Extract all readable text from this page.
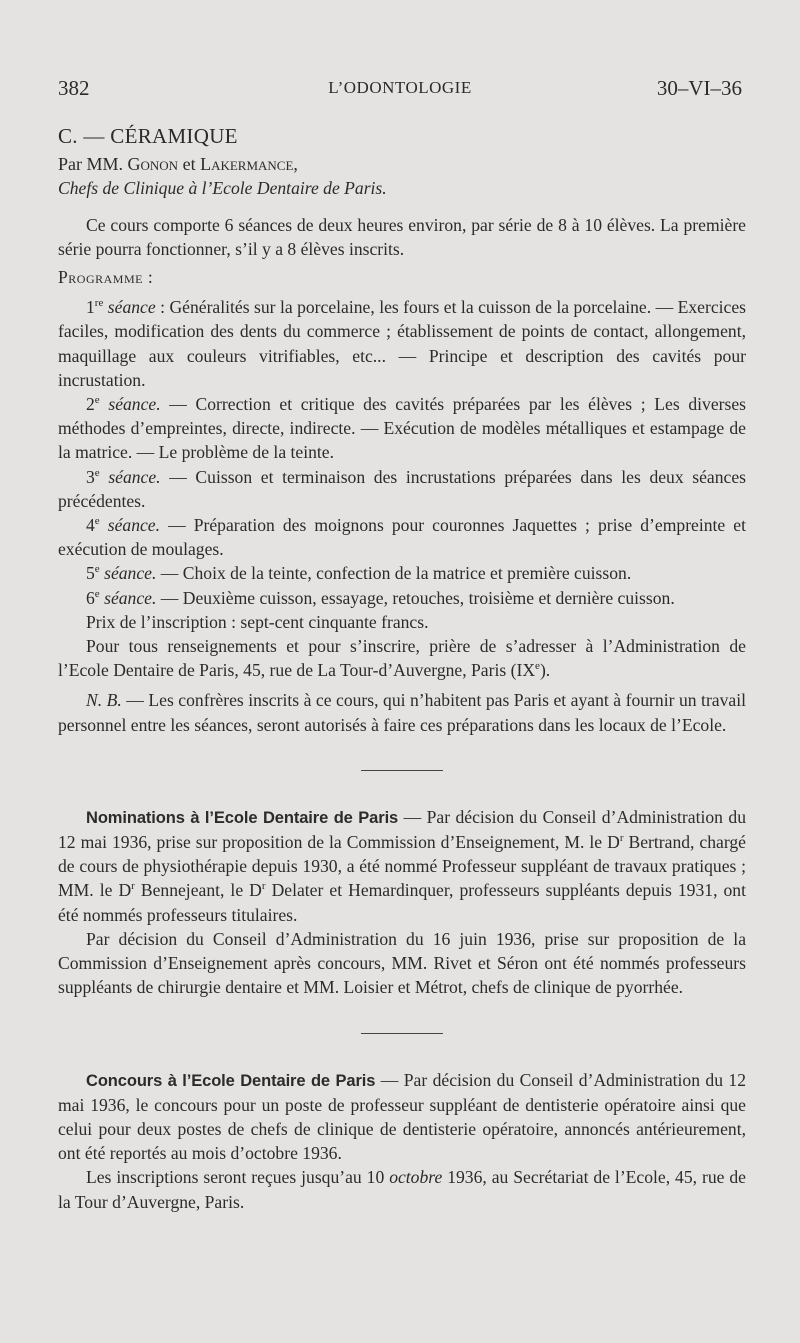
382	L’ODONTOLOGIE	30–VI–36

C. — CÉRAMIQUE

Par MM. Gonon et Lakermance,

Chefs de Clinique à l’Ecole Dentaire de Paris.

Ce cours comporte 6 séances de deux heures environ, par série de 8 à 10 élèves. La première série pourra fonctionner, s’il y a 8 élèves inscrits.

Programme :

1re séance : Généralités sur la porcelaine, les fours et la cuisson de la porcelaine. — Exercices faciles, modification des dents du commerce ; établissement de points de contact, allongement, maquillage aux couleurs vitrifiables, etc... — Principe et description des cavités pour incrustation.

2e séance. — Correction et critique des cavités préparées par les élèves ; Les diverses méthodes d’empreintes, directe, indirecte. — Exécution de modèles métalliques et estampage de la matrice. — Le problème de la teinte.

3e séance. — Cuisson et terminaison des incrustations préparées dans les deux séances précédentes.

4e séance. — Préparation des moignons pour couronnes Jaquettes ; prise d’empreinte et exécution de moulages.

5e séance. — Choix de la teinte, confection de la matrice et première cuisson.

6e séance. — Deuxième cuisson, essayage, retouches, troisième et dernière cuisson.

Prix de l’inscription : sept-cent cinquante francs.

Pour tous renseignements et pour s’inscrire, prière de s’adresser à l’Administration de l’Ecole Dentaire de Paris, 45, rue de La Tour-d’Auvergne, Paris (IXe).

N. B. — Les confrères inscrits à ce cours, qui n’habitent pas Paris et ayant à fournir un travail personnel entre les séances, seront autorisés à faire ces préparations dans les locaux de l’Ecole.

Nominations à l’Ecole Dentaire de Paris — Par décision du Conseil d’Administration du 12 mai 1936, prise sur proposition de la Commission d’Enseignement, M. le $D^r$ Bertrand, chargé de cours de physiothérapie depuis 1930, a été nommé Professeur suppléant de travaux pratiques ; MM. le $D^r$ Bennejeant, le $D^r$ Delater et Hemardinquer, professeurs suppléants depuis 1931, ont été nommés professeurs titulaires.

Par décision du Conseil d’Administration du 16 juin 1936, prise sur proposition de la Commission d’Enseignement après concours, MM. Rivet et Séron ont été nommés professeurs suppléants de chirurgie dentaire et MM. Loisier et Métrot, chefs de clinique de pyorrhée.

Concours à l’Ecole Dentaire de Paris — Par décision du Conseil d’Administration du 12 mai 1936, le concours pour un poste de professeur suppléant de dentisterie opératoire ainsi que celui pour deux postes de chefs de clinique de dentisterie opératoire, annoncés antérieurement, ont été reportés au mois d’octobre 1936.

Les inscriptions seront reçues jusqu’au 10 octobre 1936, au Secrétariat de l’Ecole, 45, rue de la Tour d’Auvergne, Paris.
